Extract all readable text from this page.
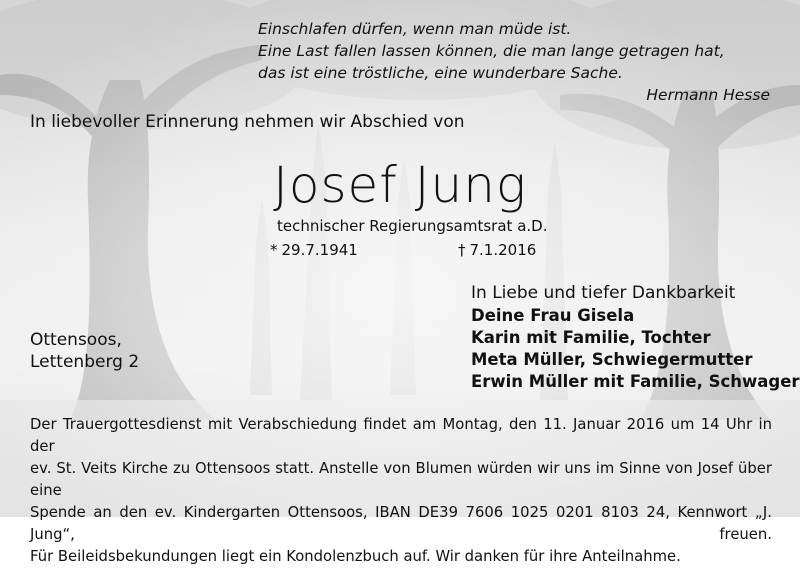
Einschlafen dürfen, wenn man müde ist.
Eine Last fallen lassen können, die man lange getragen hat,
das ist eine tröstliche, eine wunderbare Sache.
Hermann Hesse
In liebevoller Erinnerung nehmen wir Abschied von
Josef Jung
technischer Regierungsamtsrat a.D.
* 29.7.1941	† 7.1.2016
In Liebe und tiefer Dankbarkeit
Deine Frau Gisela
Karin mit Familie, Tochter
Meta Müller, Schwiegermutter
Erwin Müller mit Familie, Schwager
Ottensoos,
Lettenberg 2

Der Trauergottesdienst mit Verabschiedung findet am Montag, den 11. Januar 2016 um 14 Uhr in der

ev. St. Veits Kirche zu Ottensoos statt. Anstelle von Blumen würden wir uns im Sinne von Josef über eine

Spende an den ev. Kindergarten Ottensoos, IBAN DE39 7606 1025 0201 8103 24, Kennwort „J. Jung“, freuen.

Für Beileidsbekundungen liegt ein Kondolenzbuch auf. Wir danken für ihre Anteilnahme.
